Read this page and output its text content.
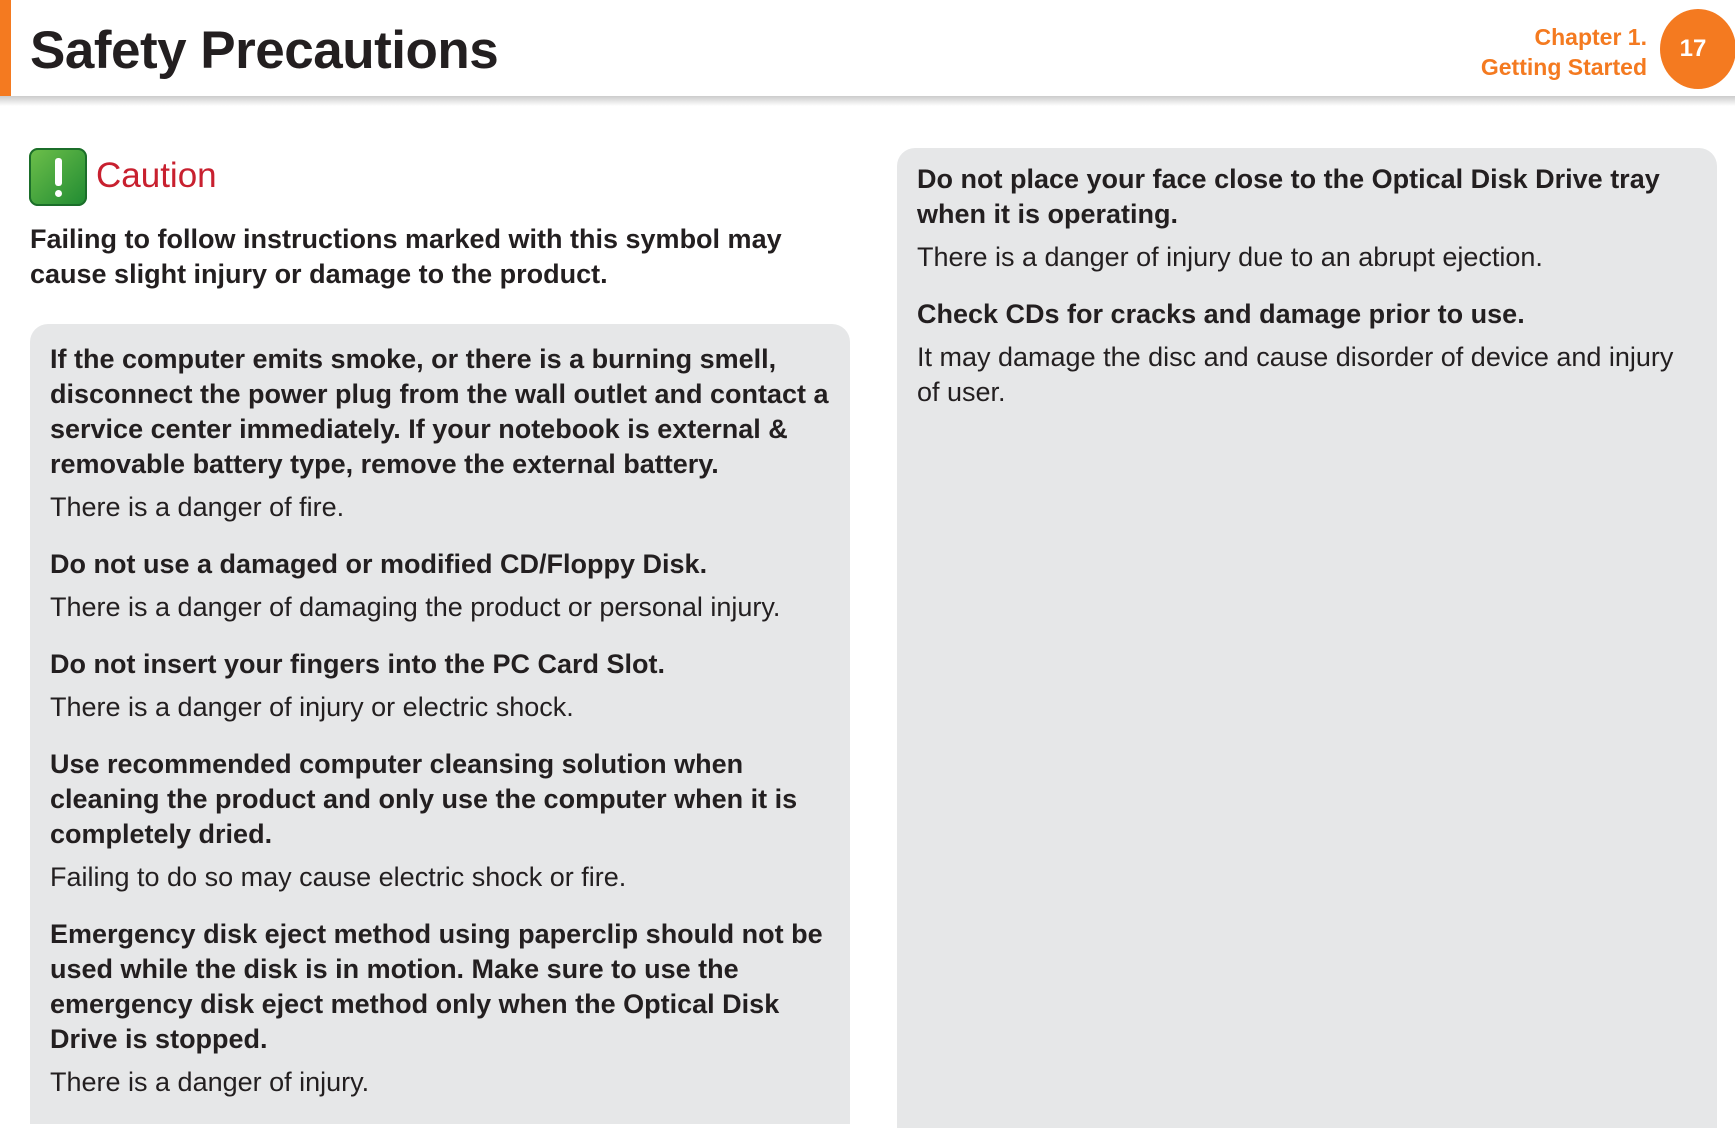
Safety Precautions	Chapter 1.
Getting Started
17
Caution

Failing to follow instructions marked with this symbol may cause slight injury or damage to the product.

If the computer emits smoke, or there is a burning smell, disconnect the power plug from the wall outlet and contact a service center immediately. If your notebook is external & removable battery type, remove the external battery.

There is a danger of fire.

Do not use a damaged or modified CD/Floppy Disk.

There is a danger of damaging the product or personal injury.

Do not insert your fingers into the PC Card Slot.

There is a danger of injury or electric shock.

Use recommended computer cleansing solution when cleaning the product and only use the computer when it is completely dried.

Failing to do so may cause electric shock or fire.

Emergency disk eject method using paperclip should not be used while the disk is in motion. Make sure to use the emergency disk eject method only when the Optical Disk Drive is stopped.

There is a danger of injury.

Do not place your face close to the Optical Disk Drive tray when it is operating.

There is a danger of injury due to an abrupt ejection.

Check CDs for cracks and damage prior to use.

It may damage the disc and cause disorder of device and injury of user.
